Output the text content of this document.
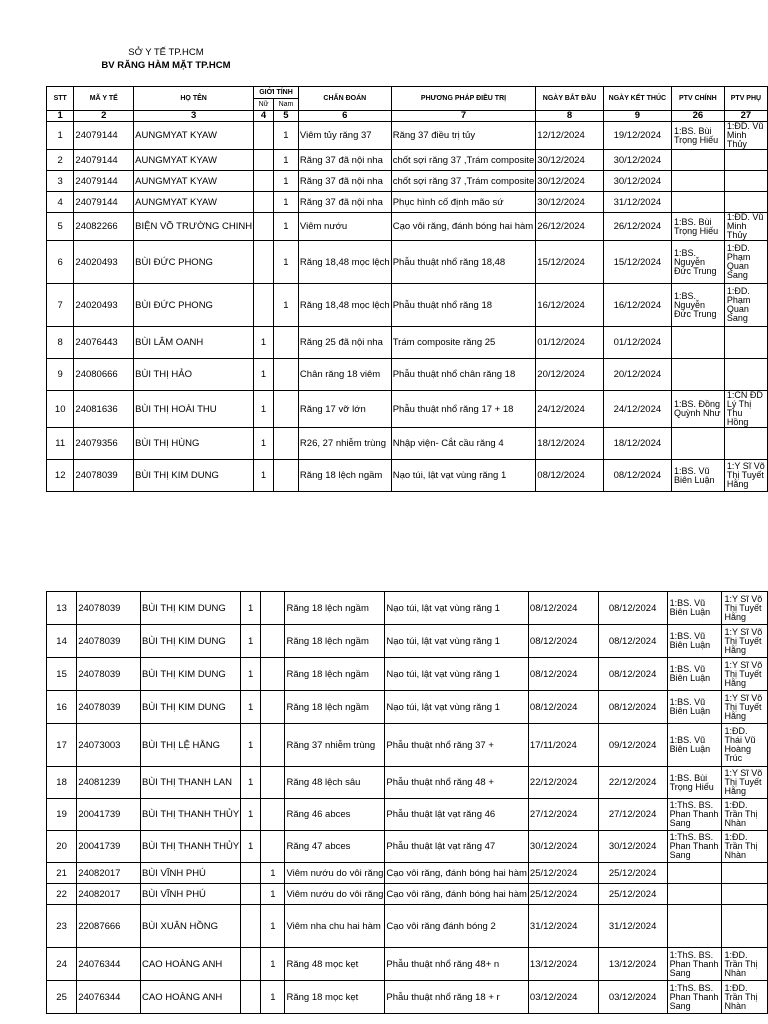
SỞ Y TẾ TP.HCM
BV RĂNG HÀM MẶT TP.HCM
STT	MÃ Y TẾ	HỌ TÊN	GIỚI TÍNH		CHẨN ĐOÁN	PHƯƠNG PHÁP ĐIỀU TRỊ	NGÀY BẮT ĐẦU	NGÀY KẾT THÚC	PTV CHÍNH	PTV PHỤ
			Nữ	Nam						
1	2	3	4	5	6	7	8	9	26	27
1	24079144	AUNGMYAT KYAW		1	Viêm tủy răng 37	Răng 37 điều trị tủy	12/12/2024	19/12/2024	1:BS. Bùi Trọng Hiếu	1:ĐD. Vũ Minh Thủy
2	24079144	AUNGMYAT KYAW		1	Răng 37 đã nội nha	chốt sợi răng 37 ,Trám composite	30/12/2024	30/12/2024		
3	24079144	AUNGMYAT KYAW		1	Răng 37 đã nội nha	chốt sợi răng 37 ,Trám composite	30/12/2024	30/12/2024		
4	24079144	AUNGMYAT KYAW		1	Răng 37 đã nội nha	Phục hình cố định mão sứ	30/12/2024	31/12/2024		
5	24082266	BIỆN VÕ TRƯỜNG CHINH		1	Viêm nướu	Cạo vôi răng, đánh bóng hai hàm	26/12/2024	26/12/2024	1:BS. Bùi Trọng Hiếu	1:ĐD. Vũ Minh Thủy
6	24020493	BÙI ĐỨC PHONG		1	Răng 18,48 mọc lệch	Phẫu thuật nhổ răng 18,48	15/12/2024	15/12/2024	1:BS. Nguyễn Đức Trung	1:ĐD. Phạm Quan Sang
7	24020493	BÙI ĐỨC PHONG		1	Răng 18,48 mọc lệch	Phẫu thuật nhổ răng 18	16/12/2024	16/12/2024	1:BS. Nguyễn Đức Trung	1:ĐD. Phạm Quan Sang
8	24076443	BÙI LÂM OANH	1		Răng 25 đã nội nha	Trám composite răng 25	01/12/2024	01/12/2024		
9	24080666	BÙI THỊ HẢO	1		Chân răng 18 viêm	Phẫu thuật nhổ chân răng 18	20/12/2024	20/12/2024		
10	24081636	BÙI THỊ HOÀI THU	1		Răng 17 vỡ lớn	Phẫu thuật nhổ răng 17 + 18	24/12/2024	24/12/2024	1:BS. Đồng Quỳnh Như	1:CN ĐD Lý Thị Thu Hồng
11	24079356	BÙI THỊ HÙNG	1		R26, 27 nhiễm trùng	Nhập viện- Cắt cầu răng 4	18/12/2024	18/12/2024		
12	24078039	BÙI THỊ KIM DUNG	1		Răng 18 lệch ngầm	Nạo túi, lật vạt vùng răng 1	08/12/2024	08/12/2024	1:BS. Vũ Biên Luận	1:Y Sĩ Võ Thị Tuyết Hằng
13	24078039	BÙI THỊ KIM DUNG	1		Răng 18 lệch ngầm	Nạo túi, lật vạt vùng răng 1	08/12/2024	08/12/2024	1:BS. Vũ Biên Luận	1:Y Sĩ Võ Thị Tuyết Hằng
14	24078039	BÙI THỊ KIM DUNG	1		Răng 18 lệch ngầm	Nạo túi, lật vạt vùng răng 1	08/12/2024	08/12/2024	1:BS. Vũ Biên Luận	1:Y Sĩ Võ Thị Tuyết Hằng
15	24078039	BÙI THỊ KIM DUNG	1		Răng 18 lệch ngầm	Nạo túi, lật vạt vùng răng 1	08/12/2024	08/12/2024	1:BS. Vũ Biên Luận	1:Y Sĩ Võ Thị Tuyết Hằng
16	24078039	BÙI THỊ KIM DUNG	1		Răng 18 lệch ngầm	Nạo túi, lật vạt vùng răng 1	08/12/2024	08/12/2024	1:BS. Vũ Biên Luận	1:Y Sĩ Võ Thị Tuyết Hằng
17	24073003	BÙI THỊ LỆ HẰNG	1		Răng 37 nhiễm trùng	Phẫu thuật nhổ răng 37 +	17/11/2024	09/12/2024	1:BS. Vũ Biên Luận	1:ĐD. Thái Vũ Hoàng Trúc
18	24081239	BÙI THỊ THANH LAN	1		Răng 48 lệch sâu	Phẫu thuật nhổ răng 48 +	22/12/2024	22/12/2024	1:BS. Bùi Trọng Hiếu	1:Y Sĩ Võ Thị Tuyết Hằng
19	20041739	BÙI THỊ THANH THỦY	1		Răng 46 abces	Phẫu thuật lật vạt răng 46	27/12/2024	27/12/2024	1:ThS. BS. Phan Thanh Sang	1:ĐD. Trần Thị Nhàn
20	20041739	BÙI THỊ THANH THỦY	1		Răng 47 abces	Phẫu thuật lật vạt răng 47	30/12/2024	30/12/2024	1:ThS. BS. Phan Thanh Sang	1:ĐD. Trần Thị Nhàn
21	24082017	BÙI VĨNH PHÚ		1	Viêm nướu do vôi răng	Cạo vôi răng, đánh bóng hai hàm	25/12/2024	25/12/2024		
22	24082017	BÙI VĨNH PHÚ		1	Viêm nướu do vôi răng	Cạo vôi răng, đánh bóng hai hàm	25/12/2024	25/12/2024		
23	22087666	BÙI XUÂN HỒNG		1	Viêm nha chu hai hàm	Cạo vôi răng đánh bóng 2	31/12/2024	31/12/2024		
24	24076344	CAO HOÀNG ANH		1	Răng 48 mọc kẹt	Phẫu thuật nhổ răng 48+ n	13/12/2024	13/12/2024	1:ThS. BS. Phan Thanh Sang	1:ĐD. Trần Thị Nhàn
25	24076344	CAO HOÀNG ANH		1	Răng 18 mọc kẹt	Phẫu thuật nhổ răng 18 + r	03/12/2024	03/12/2024	1:ThS. BS. Phan Thanh Sang	1:ĐD. Trần Thị Nhàn
